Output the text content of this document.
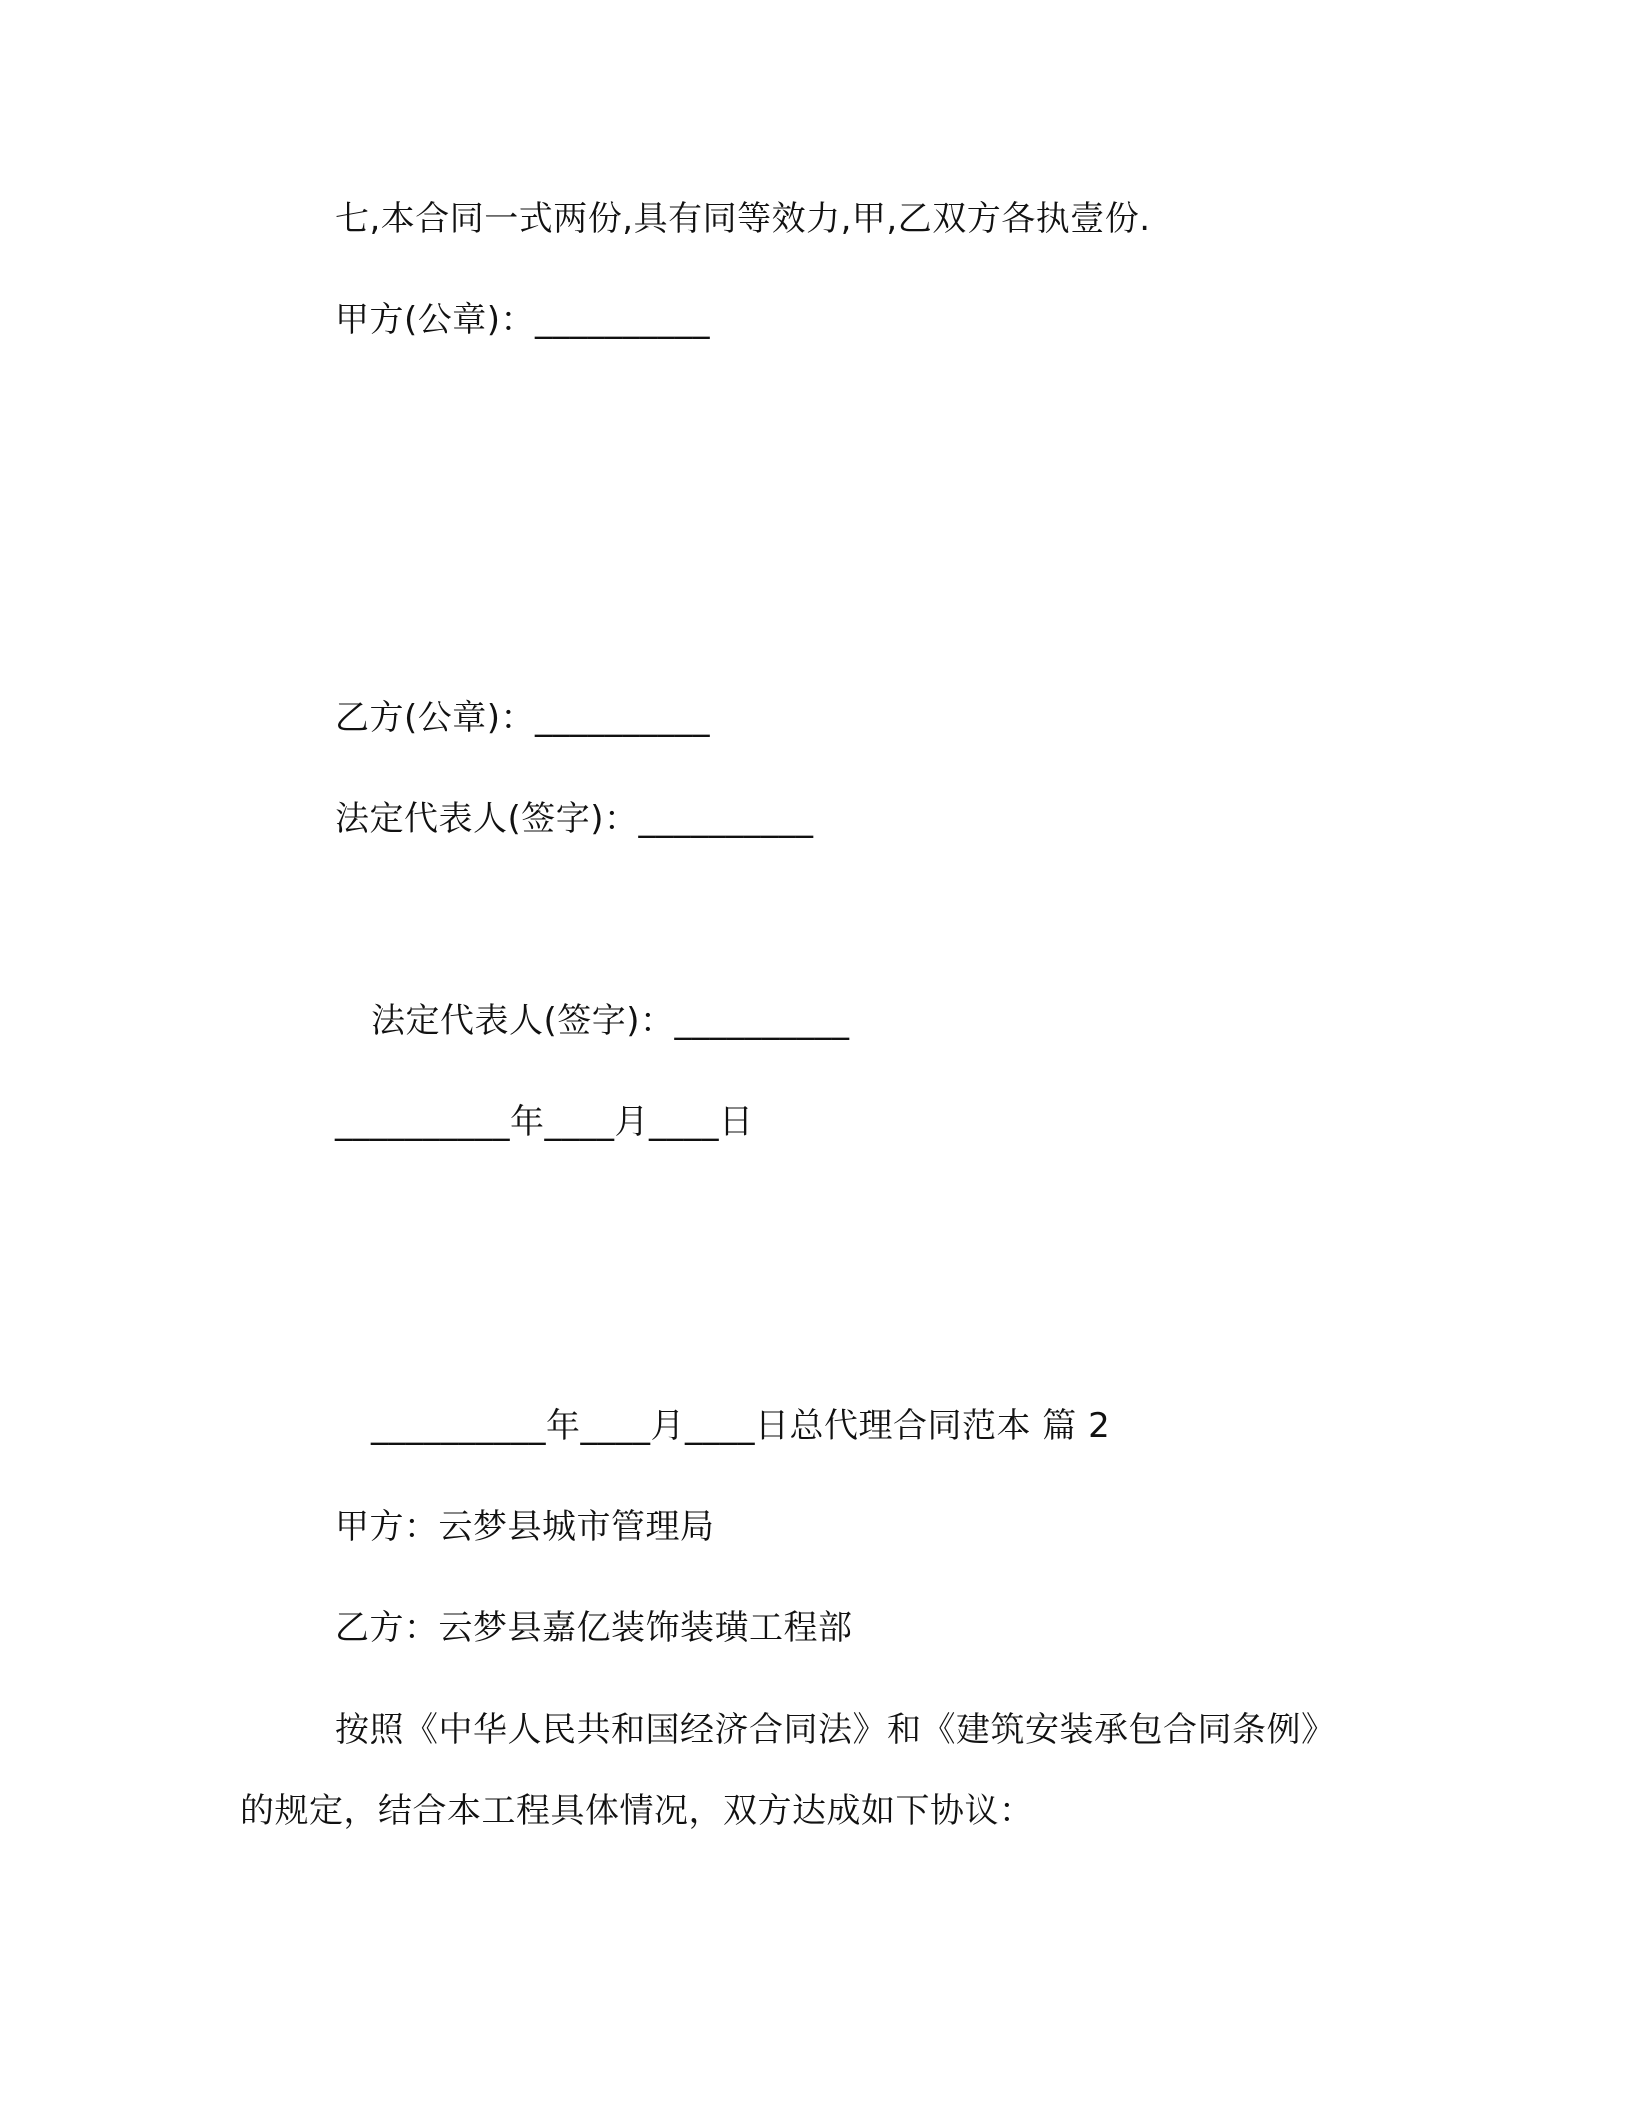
七,本合同一式两份,具有同等效力,甲,乙双方各执壹份.
甲方(公章)：__________
乙方(公章)：__________
法定代表人(签字)：__________
法定代表人(签字)：__________
__________年____月____日
__________年____月____日总代理合同范本 篇 2
甲方：云梦县城市管理局
乙方：云梦县嘉亿装饰装璜工程部
按照《中华人民共和国经济合同法》和《建筑安装承包合同条例》
的规定，结合本工程具体情况，双方达成如下协议：
